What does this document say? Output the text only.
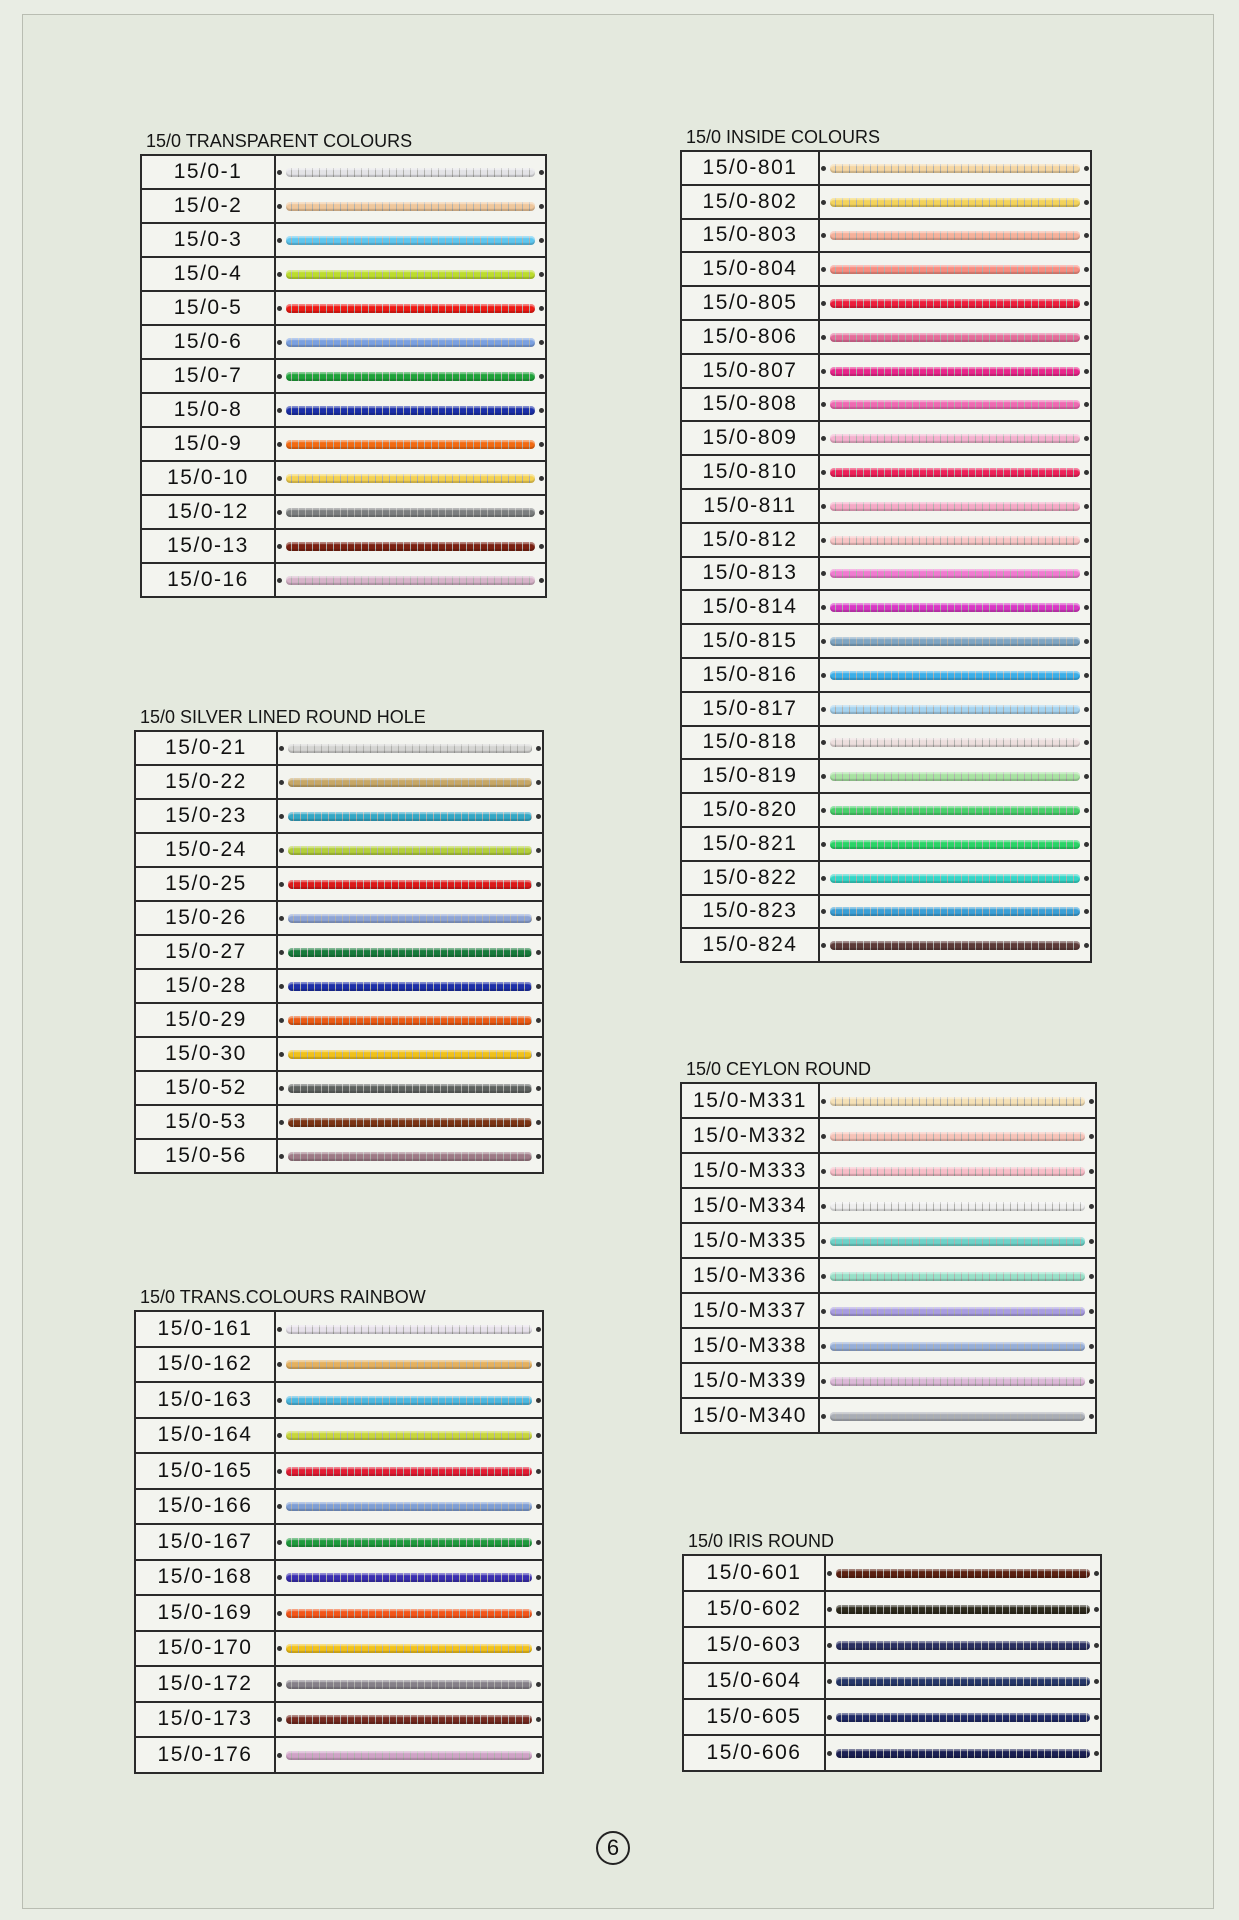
15/0 TRANSPARENT COLOURS
15/0-1	

15/0-2	

15/0-3	

15/0-4	

15/0-5	

15/0-6	

15/0-7	

15/0-8	

15/0-9	

15/0-10	

15/0-12	

15/0-13	

15/0-16	
15/0 SILVER LINED ROUND HOLE
15/0-21	

15/0-22	

15/0-23	

15/0-24	

15/0-25	

15/0-26	

15/0-27	

15/0-28	

15/0-29	

15/0-30	

15/0-52	

15/0-53	

15/0-56	
15/0 TRANS.COLOURS RAINBOW
15/0-161	

15/0-162	

15/0-163	

15/0-164	

15/0-165	

15/0-166	

15/0-167	

15/0-168	

15/0-169	

15/0-170	

15/0-172	

15/0-173	

15/0-176	
15/0 INSIDE COLOURS
15/0-801	

15/0-802	

15/0-803	

15/0-804	

15/0-805	

15/0-806	

15/0-807	

15/0-808	

15/0-809	

15/0-810	

15/0-811	

15/0-812	

15/0-813	

15/0-814	

15/0-815	

15/0-816	

15/0-817	

15/0-818	

15/0-819	

15/0-820	

15/0-821	

15/0-822	

15/0-823	

15/0-824	
15/0 CEYLON ROUND
15/0-M331	

15/0-M332	

15/0-M333	

15/0-M334	

15/0-M335	

15/0-M336	

15/0-M337	

15/0-M338	

15/0-M339	

15/0-M340	
15/0 IRIS ROUND
15/0-601	

15/0-602	

15/0-603	

15/0-604	

15/0-605	

15/0-606	
6
